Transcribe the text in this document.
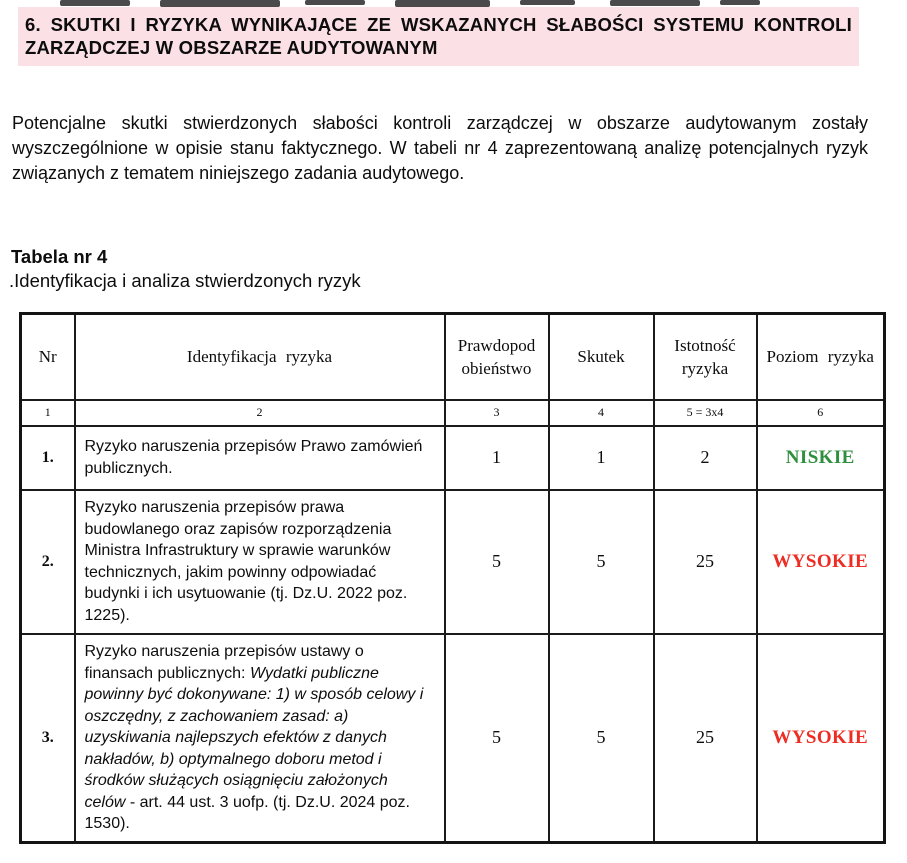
6. SKUTKI I RYZYKA WYNIKAJĄCE ZE WSKAZANYCH SŁABOŚCI SYSTEMU KONTROLI ZARZĄDCZEJ W OBSZARZE AUDYTOWANYM

Potencjalne skutki stwierdzonych słabości kontroli zarządczej w obszarze audytowanym zostały wyszczególnione w opisie stanu faktycznego. W tabeli nr 4 zaprezentowaną analizę potencjalnych ryzyk związanych z tematem niniejszego zadania audytowego.

Tabela nr 4
.Identyfikacja i analiza stwierdzonych ryzyk
Nr	Identyfikacja ryzyka	Prawdopod obieństwo	Skutek	Istotność ryzyka	Poziom ryzyka
1	2	3	4	5 = 3x4	6
1.	Ryzyko naruszenia przepisów Prawo zamówień publicznych.	1	1	2	NISKIE
2.	Ryzyko naruszenia przepisów prawa budowlanego oraz zapisów rozporządzenia Ministra Infrastruktury w sprawie warunków technicznych, jakim powinny odpowiadać budynki i ich usytuowanie (tj. Dz.U. 2022 poz. 1225).	5	5	25	WYSOKIE
3.	Ryzyko naruszenia przepisów ustawy o finansach publicznych: Wydatki publiczne powinny być dokonywane: 1) w sposób celowy i oszczędny, z zachowaniem zasad: a) uzyskiwania najlepszych efektów z danych nakładów, b) optymalnego doboru metod i środków służących osiągnięciu założonych celów - art. 44 ust. 3 uofp. (tj. Dz.U. 2024 poz. 1530).	5	5	25	WYSOKIE
